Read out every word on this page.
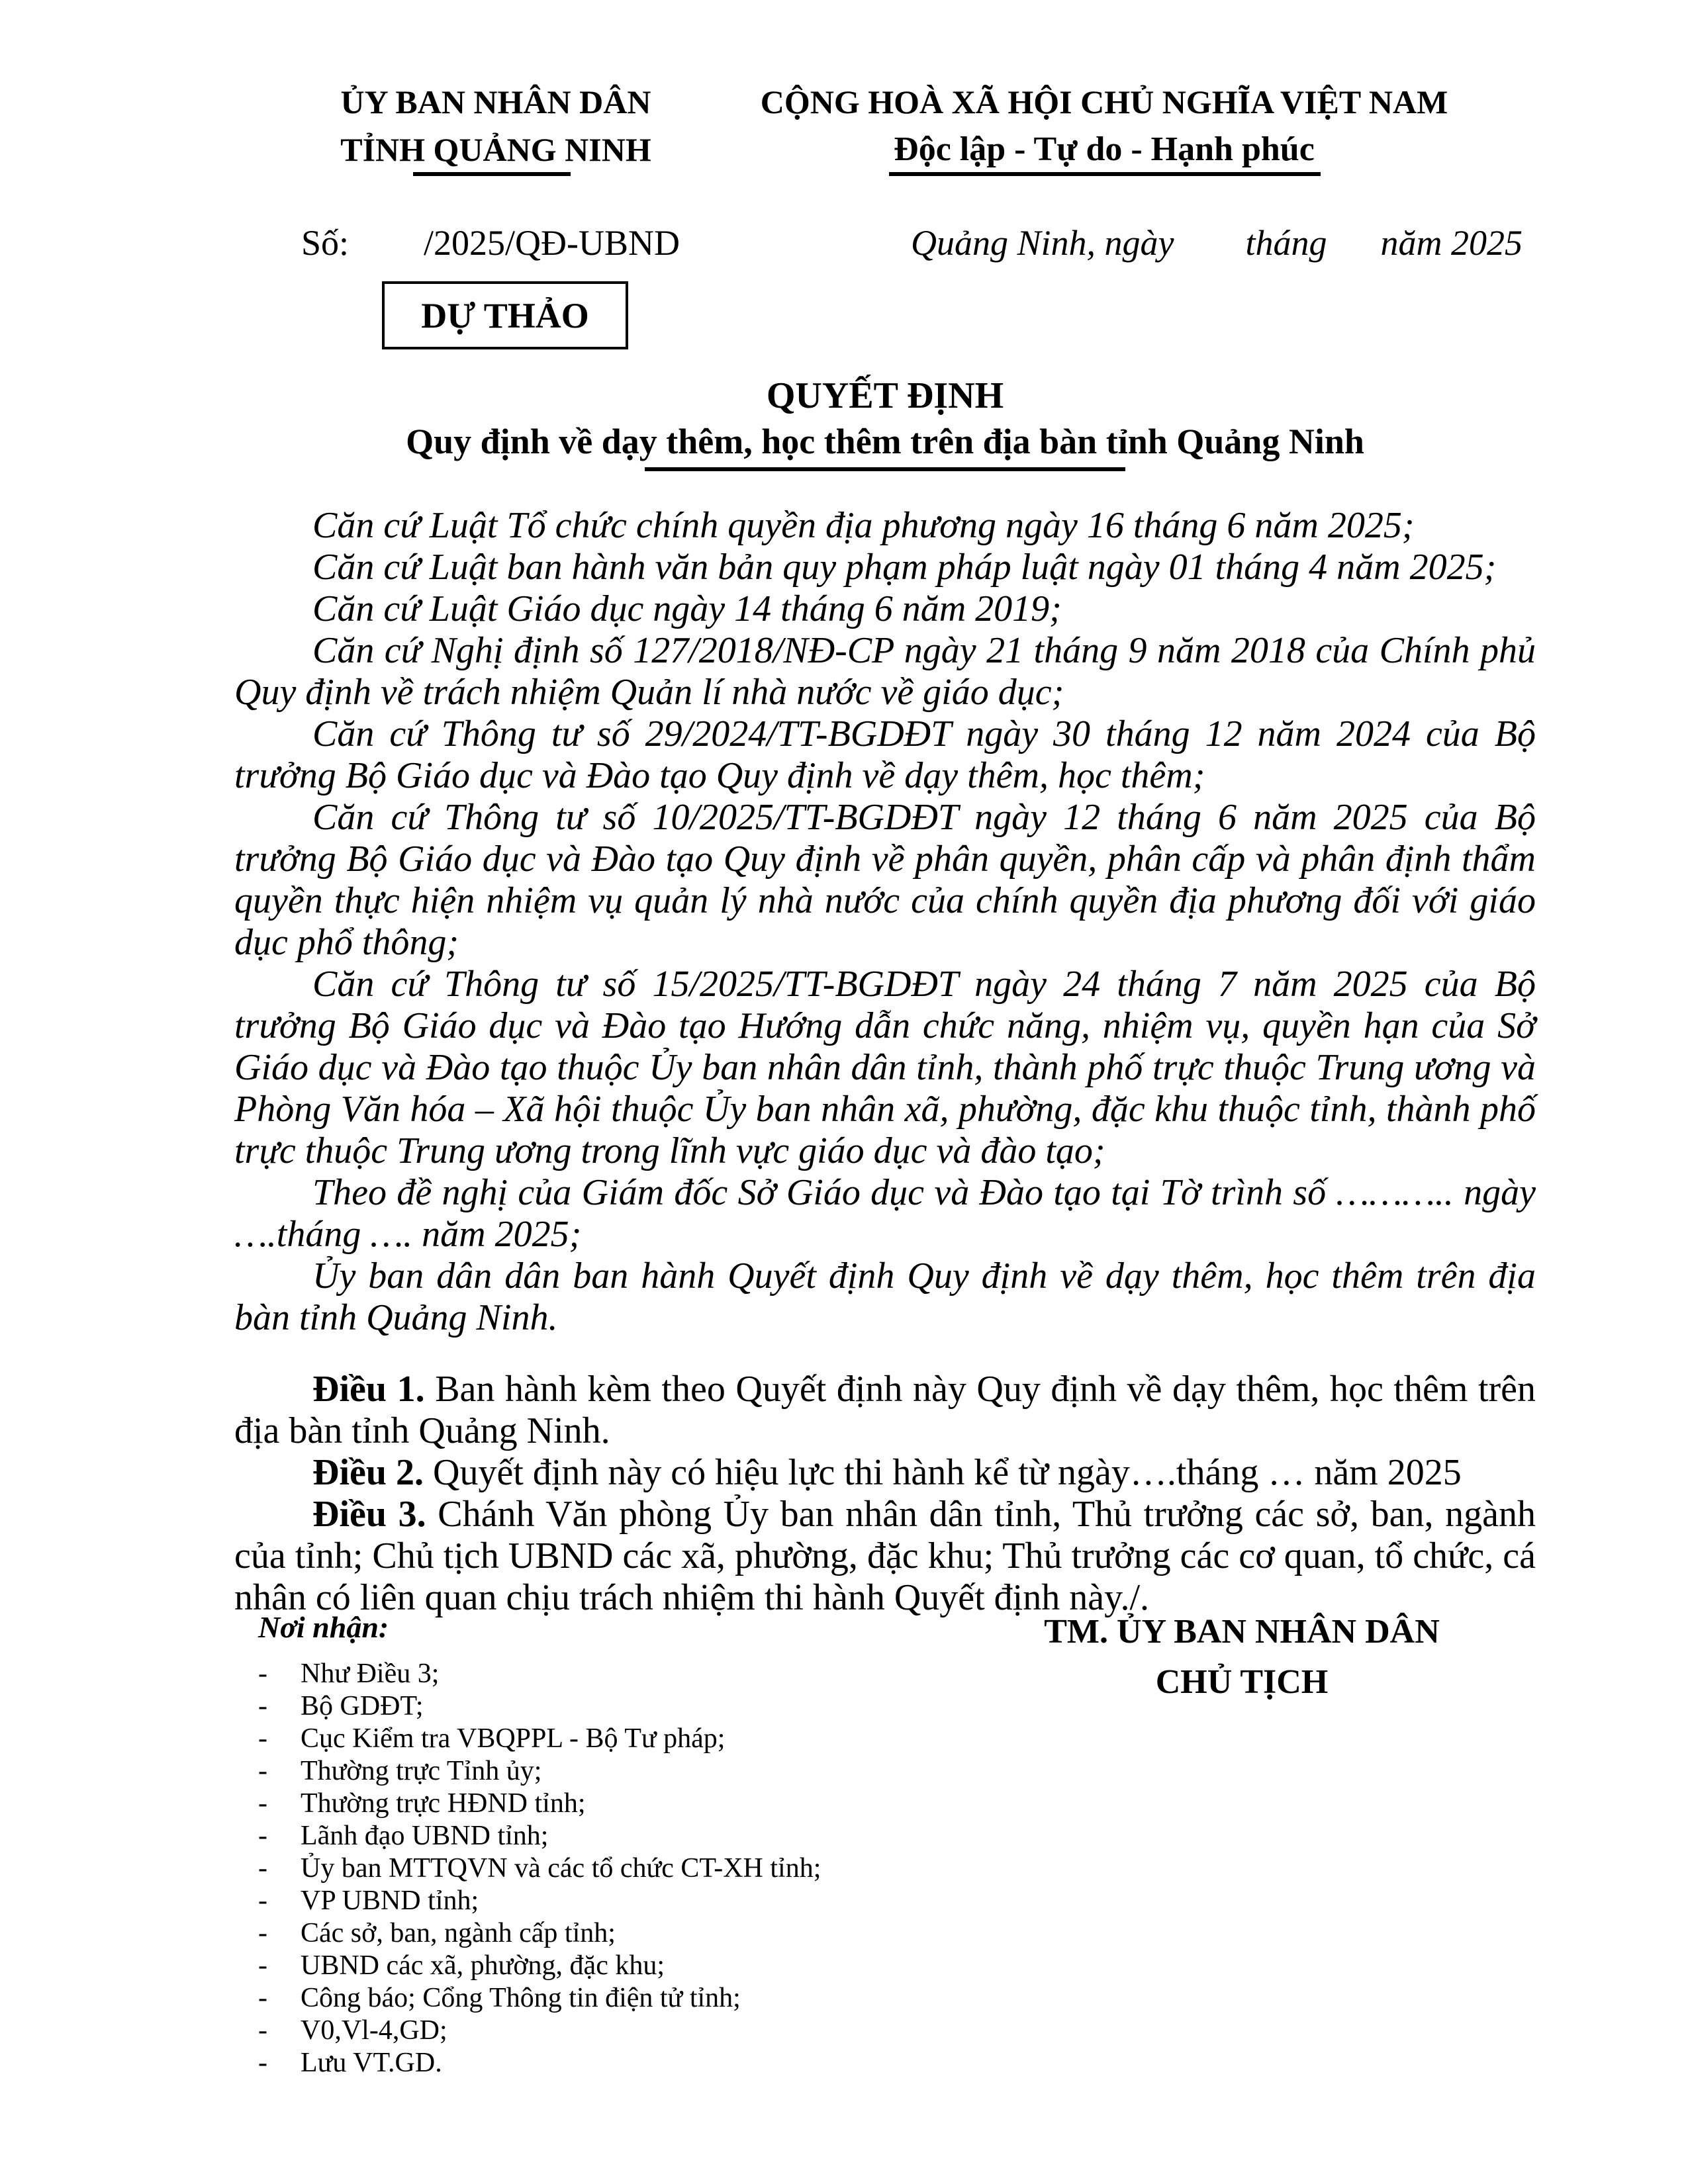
ỦY BAN NHÂN DÂN
TỈNH QUẢNG NINH
CỘNG HOÀ XÃ HỘI CHỦ NGHĨA VIỆT NAM
Độc lập - Tự do - Hạnh phúc
Số: /2025/QĐ-UBND	Quảng Ninh, ngày        tháng      năm 2025
DỰ THẢO
QUYẾT ĐỊNH
Quy định về dạy thêm, học thêm trên địa bàn tỉnh Quảng Ninh

Căn cứ Luật Tổ chức chính quyền địa phương ngày 16 tháng 6 năm 2025;

Căn cứ Luật ban hành văn bản quy phạm pháp luật ngày 01 tháng 4 năm 2025;

Căn cứ Luật Giáo dục ngày 14 tháng 6 năm 2019;

Căn cứ Nghị định số 127/2018/NĐ-CP ngày 21 tháng 9 năm 2018 của Chính phủ Quy định về trách nhiệm Quản lí nhà nước về giáo dục;

Căn cứ Thông tư số 29/2024/TT-BGDĐT ngày 30 tháng 12 năm 2024 của Bộ trưởng Bộ Giáo dục và Đào tạo Quy định về dạy thêm, học thêm;

Căn cứ Thông tư số 10/2025/TT-BGDĐT ngày 12 tháng 6 năm 2025 của Bộ trưởng Bộ Giáo dục và Đào tạo Quy định về phân quyền, phân cấp và phân định thẩm quyền thực hiện nhiệm vụ quản lý nhà nước của chính quyền địa phương đối với giáo dục phổ thông;

Căn cứ Thông tư số 15/2025/TT-BGDĐT ngày 24 tháng 7 năm 2025 của Bộ trưởng Bộ Giáo dục và Đào tạo Hướng dẫn chức năng, nhiệm vụ, quyền hạn của Sở Giáo dục và Đào tạo thuộc Ủy ban nhân dân tỉnh, thành phố trực thuộc Trung ương và Phòng Văn hóa – Xã hội thuộc Ủy ban nhân xã, phường, đặc khu thuộc tỉnh, thành phố trực thuộc Trung ương trong lĩnh vực giáo dục và đào tạo;

Theo đề nghị của Giám đốc Sở Giáo dục và Đào tạo tại Tờ trình số ……….. ngày ….tháng …. năm 2025;

Ủy ban dân dân ban hành Quyết định Quy định về dạy thêm, học thêm trên địa bàn tỉnh Quảng Ninh.

Điều 1. Ban hành kèm theo Quyết định này Quy định về dạy thêm, học thêm trên địa bàn tỉnh Quảng Ninh.

Điều 2. Quyết định này có hiệu lực thi hành kể từ ngày….tháng … năm 2025

Điều 3. Chánh Văn phòng Ủy ban nhân dân tỉnh, Thủ trưởng các sở, ban, ngành của tỉnh; Chủ tịch UBND các xã, phường, đặc khu; Thủ trưởng các cơ quan, tổ chức, cá nhân có liên quan chịu trách nhiệm thi hành Quyết định này./.

Nơi nhận:
-	Như Điều 3;
-	Bộ GDĐT;
-	Cục Kiểm tra VBQPPL - Bộ Tư pháp;
-	Thường trực Tỉnh ủy;
-	Thường trực HĐND tỉnh;
-	Lãnh đạo UBND tỉnh;
-	Ủy ban MTTQVN và các tổ chức CT-XH tỉnh;
-	VP UBND tỉnh;
-	Các sở, ban, ngành cấp tỉnh;
-	UBND các xã, phường, đặc khu;
-	Công báo; Cổng Thông tin điện tử tỉnh;
-	V0,Vl-4,GD;
-	Lưu VT.GD.
TM. ỦY BAN NHÂN DÂN
CHỦ TỊCH
